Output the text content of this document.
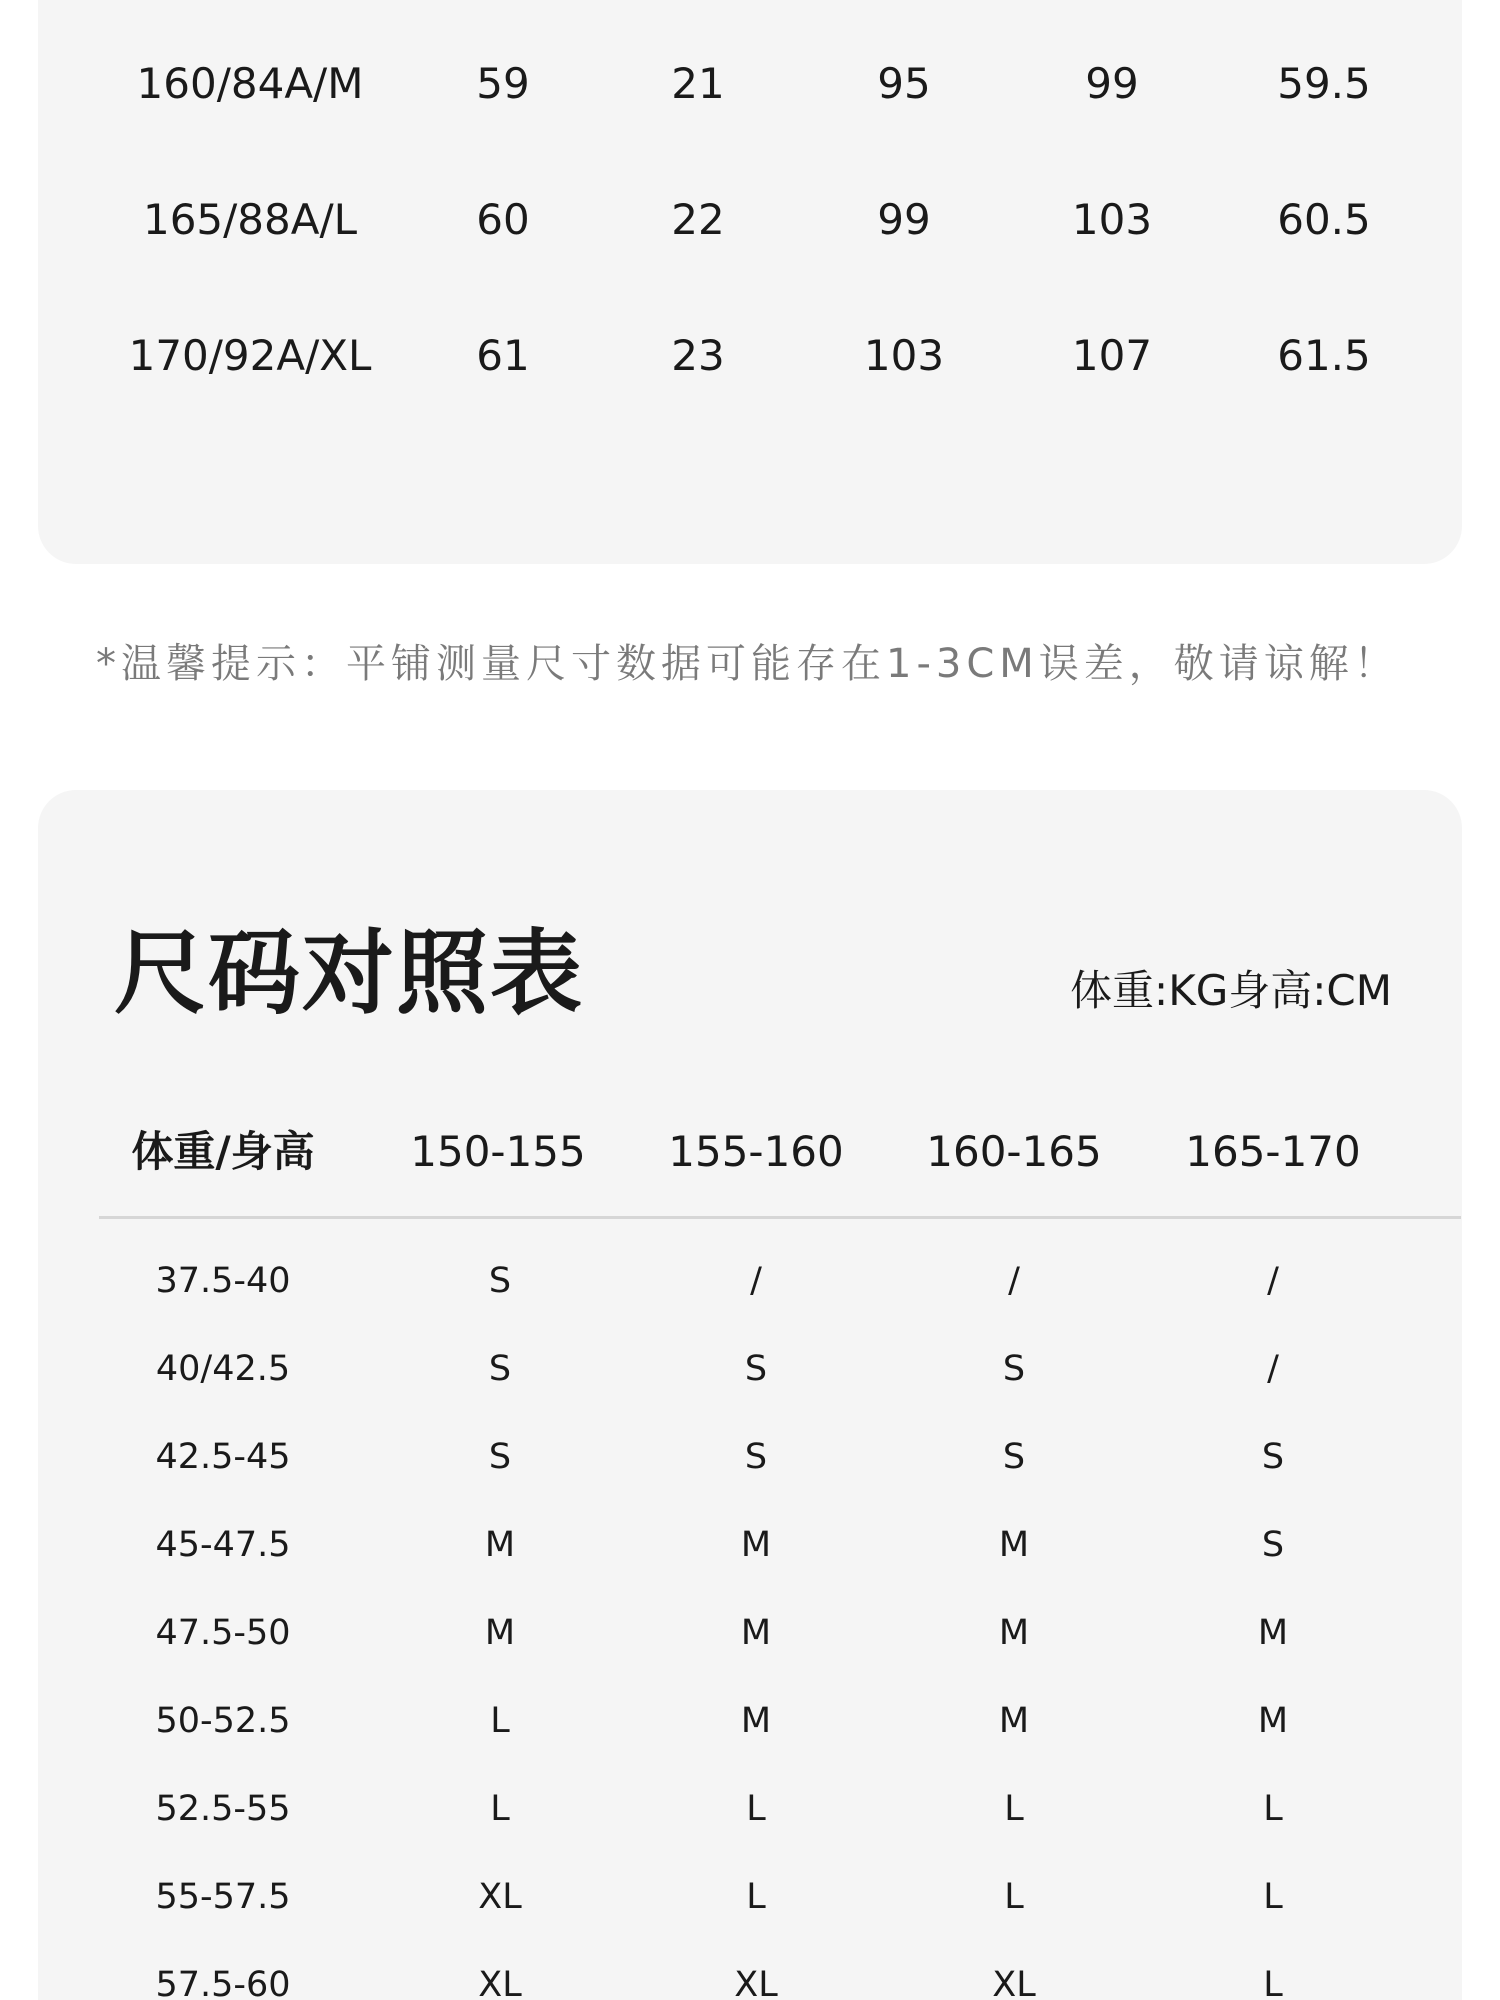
160/84A/M	59	21	95	99	59.5
165/88A/L	60	22	99	103	60.5
170/92A/XL 61	23	103	107	61.5
*温馨提示：平铺测量尺寸数据可能存在1-3CM误差，敬请谅解！
尺码对照表	体重:KG身高:CM
体重/身高 150-155 155-160 160-165 165-170
37.5-40	S	/	/	/
40/42.5	S	S	S	/
42.5-45	S	S	S	S
45-47.5	M	M	M	S
47.5-50	M	M	M	M
50-52.5	L	M	M	M
52.5-55	L	L	L	L
55-57.5	XL	L	L	L
57.5-60	XL	XL	XL	L
